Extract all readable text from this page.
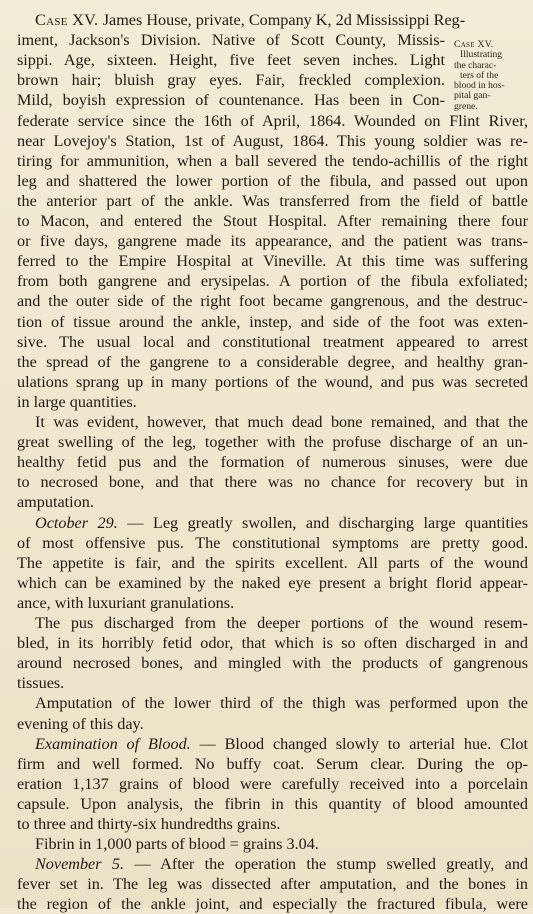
Case XV. James House, private, Company K, 2d Mississippi Reg-
iment, Jackson's Division. Native of Scott County, Missis-
sippi. Age, sixteen. Height, five feet seven inches. Light
brown hair; bluish gray eyes. Fair, freckled complexion.
Mild, boyish expression of countenance. Has been in Con-
federate service since the 16th of April, 1864. Wounded on Flint River,
near Lovejoy's Station, 1st of August, 1864. This young soldier was re-
tiring for ammunition, when a ball severed the tendo-achillis of the right
leg and shattered the lower portion of the fibula, and passed out upon
the anterior part of the ankle. Was transferred from the field of battle
to Macon, and entered the Stout Hospital. After remaining there four
or five days, gangrene made its appearance, and the patient was trans-
ferred to the Empire Hospital at Vineville. At this time was suffering
from both gangrene and erysipelas. A portion of the fibula exfoliated;
and the outer side of the right foot became gangrenous, and the destruc-
tion of tissue around the ankle, instep, and side of the foot was exten-
sive. The usual local and constitutional treatment appeared to arrest
the spread of the gangrene to a considerable degree, and healthy gran-
ulations sprang up in many portions of the wound, and pus was secreted
in large quantities.
It was evident, however, that much dead bone remained, and that the
great swelling of the leg, together with the profuse discharge of an un-
healthy fetid pus and the formation of numerous sinuses, were due
to necrosed bone, and that there was no chance for recovery but in
amputation.
October 29. — Leg greatly swollen, and discharging large quantities
of most offensive pus. The constitutional symptoms are pretty good.
The appetite is fair, and the spirits excellent. All parts of the wound
which can be examined by the naked eye present a bright florid appear-
ance, with luxuriant granulations.
The pus discharged from the deeper portions of the wound resem-
bled, in its horribly fetid odor, that which is so often discharged in and
around necrosed bones, and mingled with the products of gangrenous
tissues.
Amputation of the lower third of the thigh was performed upon the
evening of this day.
Examination of Blood. — Blood changed slowly to arterial hue. Clot
firm and well formed. No buffy coat. Serum clear. During the op-
eration 1,137 grains of blood were carefully received into a porcelain
capsule. Upon analysis, the fibrin in this quantity of blood amounted
to three and thirty-six hundredths grains.
Fibrin in 1,000 parts of blood = grains 3.04.
November 5. — After the operation the stump swelled greatly, and
fever set in. The leg was dissected after amputation, and the bones in
the region of the ankle joint, and especially the fractured fibula, were
Case XV.
Illustrating
the charac-
ters of the
blood in hos-
pital gan-
grene.
